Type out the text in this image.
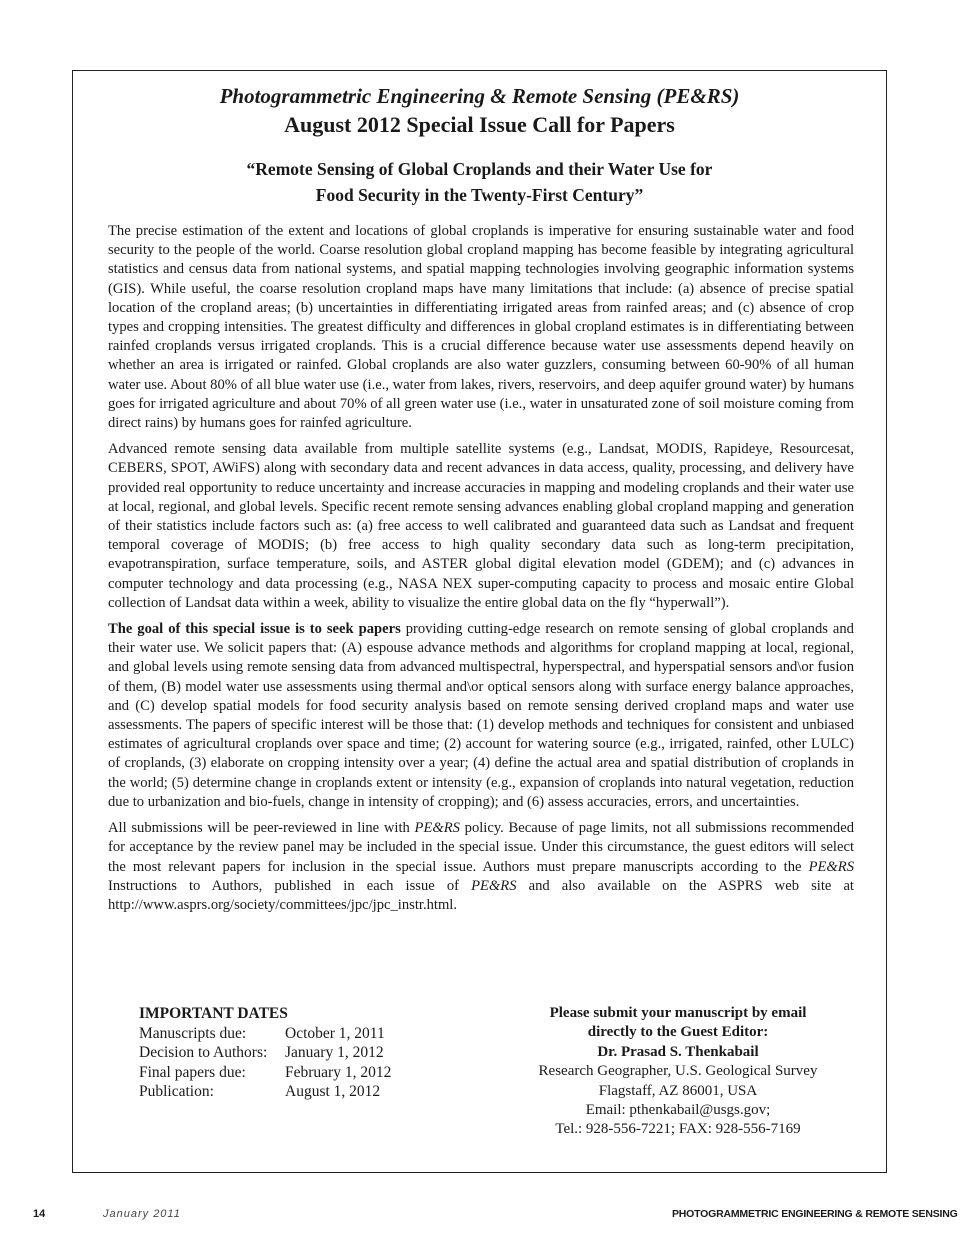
Photogrammetric Engineering & Remote Sensing (PE&RS)
August 2012 Special Issue Call for Papers
“Remote Sensing of Global Croplands and their Water Use for
Food Security in the Twenty-First Century”

The precise estimation of the extent and locations of global croplands is imperative for ensuring sustainable water and food security to the people of the world. Coarse resolution global cropland mapping has become feasible by integrating agricultural statistics and census data from national systems, and spatial mapping technologies involving geographic information systems (GIS). While useful, the coarse resolution cropland maps have many limitations that include: (a) absence of precise spatial location of the cropland areas; (b) uncertainties in differentiating irrigated areas from rainfed areas; and (c) absence of crop types and cropping intensities. The greatest difficulty and differences in global cropland estimates is in differentiating between rainfed croplands versus irrigated croplands. This is a crucial difference because water use assessments depend heavily on whether an area is irrigated or rainfed. Global croplands are also water guzzlers, consuming between 60-90% of all human water use. About 80% of all blue water use (i.e., water from lakes, rivers, reservoirs, and deep aquifer ground water) by humans goes for irrigated agriculture and about 70% of all green water use (i.e., water in unsaturated zone of soil moisture coming from direct rains) by humans goes for rainfed agriculture.

Advanced remote sensing data available from multiple satellite systems (e.g., Landsat, MODIS, Rapideye, Resourcesat, CEBERS, SPOT, AWiFS) along with secondary data and recent advances in data access, quality, processing, and delivery have provided real opportunity to reduce uncertainty and increase accuracies in mapping and modeling croplands and their water use at local, regional, and global levels. Specific recent remote sensing advances enabling global cropland mapping and generation of their statistics include factors such as: (a) free access to well calibrated and guaranteed data such as Landsat and frequent temporal coverage of MODIS; (b) free access to high quality secondary data such as long-term precipitation, evapotranspiration, surface temperature, soils, and ASTER global digital elevation model (GDEM); and (c) advances in computer technology and data processing (e.g., NASA NEX super-computing capacity to process and mosaic entire Global collection of Landsat data within a week, ability to visualize the entire global data on the fly “hyperwall”).

The goal of this special issue is to seek papers providing cutting-edge research on remote sensing of global croplands and their water use. We solicit papers that: (A) espouse advance methods and algorithms for cropland mapping at local, regional, and global levels using remote sensing data from advanced multispectral, hyperspectral, and hyperspatial sensors and\or fusion of them, (B) model water use assessments using thermal and\or optical sensors along with surface energy balance approaches, and (C) develop spatial models for food security analysis based on remote sensing derived cropland maps and water use assessments. The papers of specific interest will be those that: (1) develop methods and techniques for consistent and unbiased estimates of agricultural croplands over space and time; (2) account for watering source (e.g., irrigated, rainfed, other LULC) of croplands, (3) elaborate on cropping intensity over a year; (4) define the actual area and spatial distribution of croplands in the world; (5) determine change in croplands extent or intensity (e.g., expansion of croplands into natural vegetation, reduction due to urbanization and bio-fuels, change in intensity of cropping); and (6) assess accuracies, errors, and uncertainties.

All submissions will be peer-reviewed in line with PE&RS policy. Because of page limits, not all submissions recommended for acceptance by the review panel may be included in the special issue. Under this circumstance, the guest editors will select the most relevant papers for inclusion in the special issue. Authors must prepare manuscripts according to the PE&RS Instructions to Authors, published in each issue of PE&RS and also available on the ASPRS web site at http://www.asprs.org/society/committees/jpc/jpc_instr.html.

IMPORTANT DATES
Manuscripts due:	October 1, 2011
Decision to Authors:	January 1, 2012
Final papers due:	February 1, 2012
Publication:	August 1, 2012
Please submit your manuscript by email
directly to the Guest Editor:
Dr. Prasad S. Thenkabail
Research Geographer, U.S. Geological Survey
Flagstaff, AZ 86001, USA
Email: pthenkabail@usgs.gov;
Tel.: 928-556-7221; FAX: 928-556-7169
14	January 2011	PHOTOGRAMMETRIC ENGINEERING & REMOTE SENSING
